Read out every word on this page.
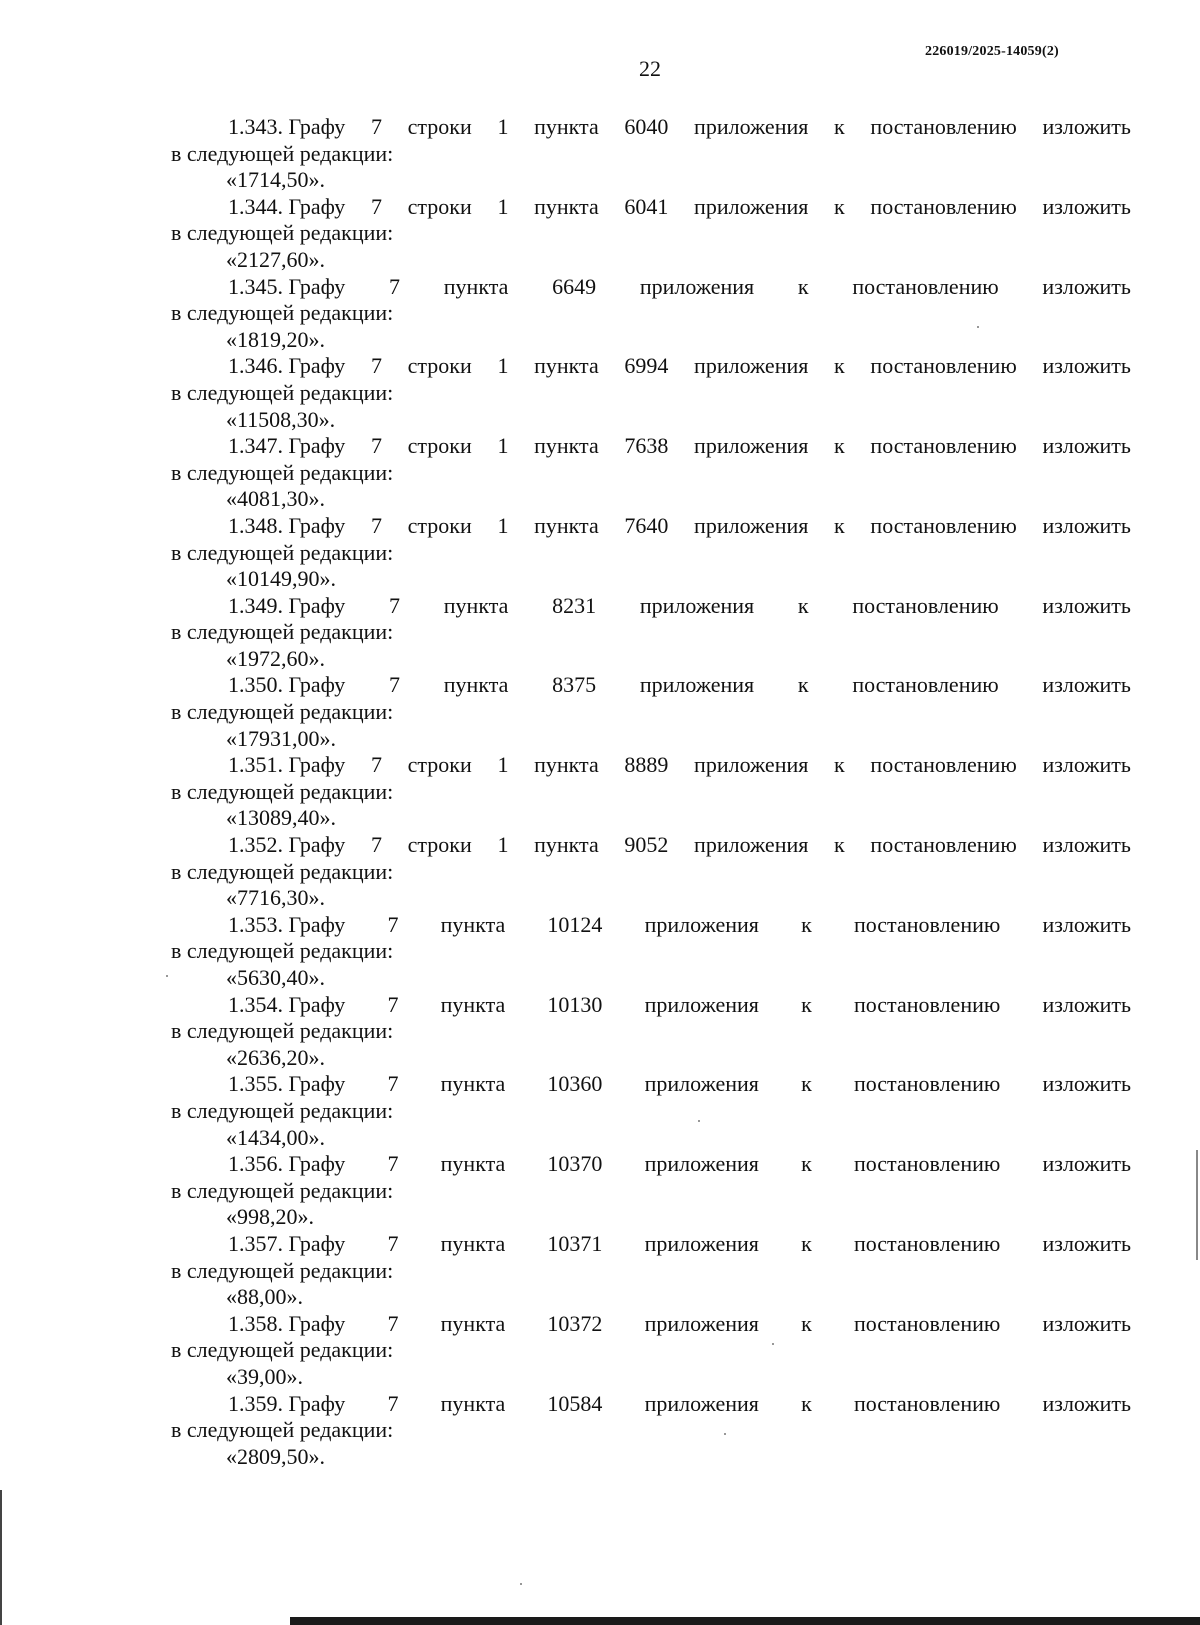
22
226019/2025-14059(2)
1.343. Графу 7 строки 1 пункта 6040 приложения к постановлению изложить
в следующей редакции:
«1714,50».
1.344. Графу 7 строки 1 пункта 6041 приложения к постановлению изложить
в следующей редакции:
«2127,60».
1.345. Графу 7 пункта 6649 приложения к постановлению изложить
в следующей редакции:
«1819,20».
1.346. Графу 7 строки 1 пункта 6994 приложения к постановлению изложить
в следующей редакции:
«11508,30».
1.347. Графу 7 строки 1 пункта 7638 приложения к постановлению изложить
в следующей редакции:
«4081,30».
1.348. Графу 7 строки 1 пункта 7640 приложения к постановлению изложить
в следующей редакции:
«10149,90».
1.349. Графу 7 пункта 8231 приложения к постановлению изложить
в следующей редакции:
«1972,60».
1.350. Графу 7 пункта 8375 приложения к постановлению изложить
в следующей редакции:
«17931,00».
1.351. Графу 7 строки 1 пункта 8889 приложения к постановлению изложить
в следующей редакции:
«13089,40».
1.352. Графу 7 строки 1 пункта 9052 приложения к постановлению изложить
в следующей редакции:
«7716,30».
1.353. Графу 7 пункта 10124 приложения к постановлению изложить
в следующей редакции:
«5630,40».
1.354. Графу 7 пункта 10130 приложения к постановлению изложить
в следующей редакции:
«2636,20».
1.355. Графу 7 пункта 10360 приложения к постановлению изложить
в следующей редакции:
«1434,00».
1.356. Графу 7 пункта 10370 приложения к постановлению изложить
в следующей редакции:
«998,20».
1.357. Графу 7 пункта 10371 приложения к постановлению изложить
в следующей редакции:
«88,00».
1.358. Графу 7 пункта 10372 приложения к постановлению изложить
в следующей редакции:
«39,00».
1.359. Графу 7 пункта 10584 приложения к постановлению изложить
в следующей редакции:
«2809,50».
